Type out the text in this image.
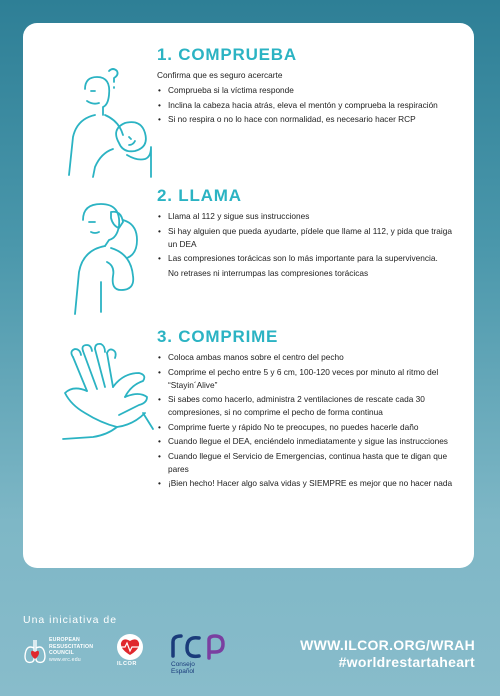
1. COMPRUEBA
Confirma que es seguro acercarte
• Comprueba si la víctima responde
• Inclina la cabeza hacia atrás, eleva el mentón y comprueba la respiración
• Si no respira o no lo hace con normalidad, es necesario hacer RCP
2. LLAMA
• Llama al 112 y sigue sus instrucciones
• Si hay alguien que pueda ayudarte, pídele que llame al 112, y pida que traiga un DEA
• Las compresiones torácicas son lo más importante para la supervivencia.
No retrases ni interrumpas las compresiones torácicas
3. COMPRIME
• Coloca ambas manos sobre el centro del pecho
• Comprime el pecho entre 5 y 6 cm, 100-120 veces por minuto al ritmo del “Stayin´Alive”
• Si sabes como hacerlo, administra 2 ventilaciones de rescate cada 30 compresiones, si no comprime el pecho de forma continua
• Comprime fuerte y rápido No te preocupes, no puedes hacerle daño
• Cuando llegue el DEA, enciéndelo inmediatamente y sigue las instrucciones
• Cuando llegue el Servicio de Emergencias, continua hasta que te digan que pares
• ¡Bien hecho! Hacer algo salva vidas y SIEMPRE es mejor que no hacer nada
Una iniciativa de
EUROPEAN
RESUSCITATION
COUNCIL
www.erc.edu
ILCOR	Consejo
Español
WWW.ILCOR.ORG/WRAH
#worldrestartaheart
